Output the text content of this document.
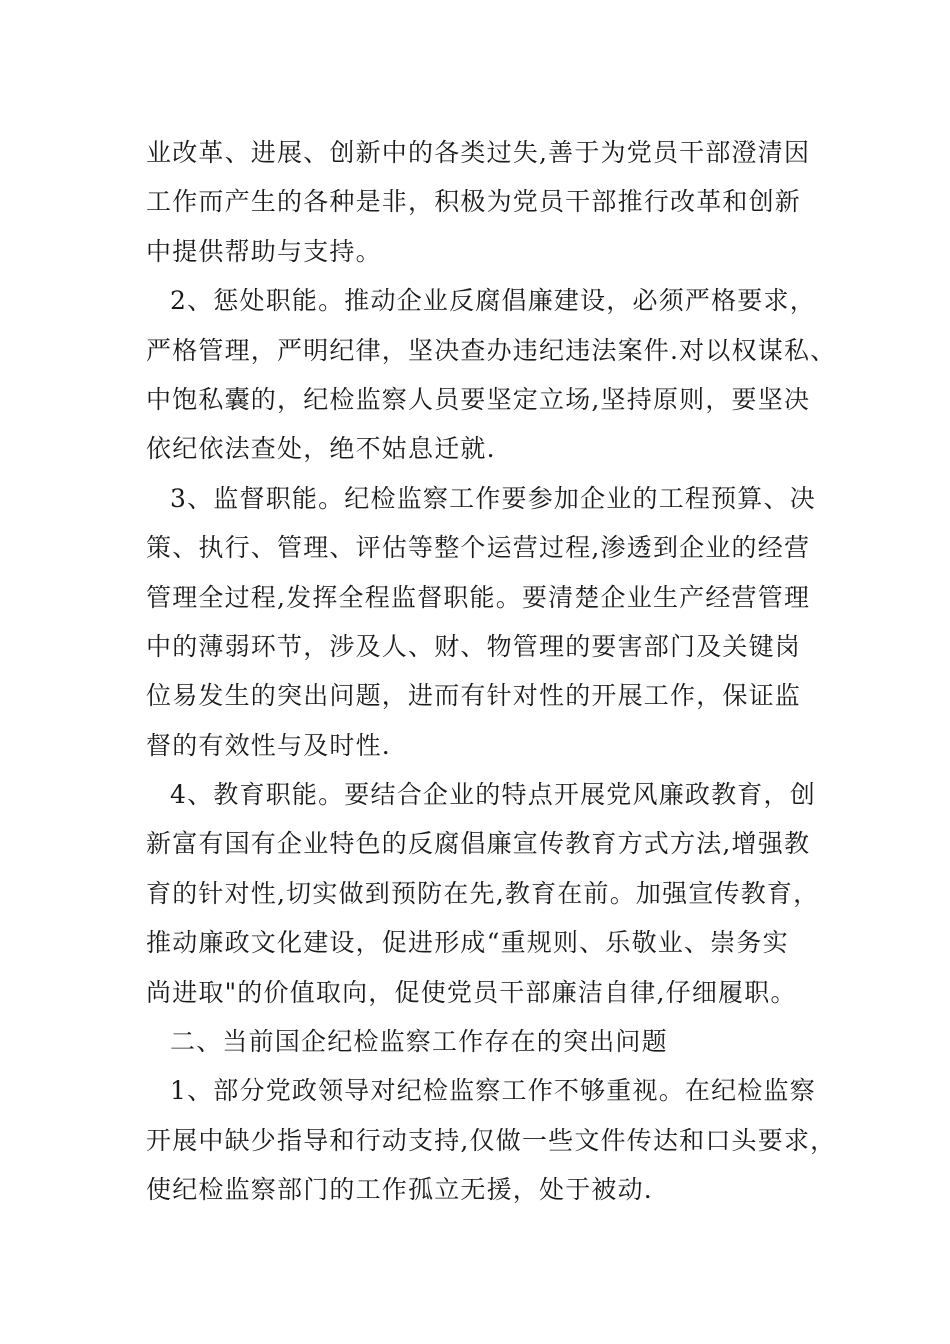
业改革、进展、创新中的各类过失,善于为党员干部澄清因
工作而产生的各种是非，积极为党员干部推行改革和创新
中提供帮助与支持。
2、惩处职能。推动企业反腐倡廉建设，必须严格要求，
严格管理，严明纪律，坚决查办违纪违法案件.对以权谋私、
中饱私囊的，纪检监察人员要坚定立场,坚持原则，要坚决
依纪依法查处，绝不姑息迁就.
3、监督职能。纪检监察工作要参加企业的工程预算、决
策、执行、管理、评估等整个运营过程,渗透到企业的经营
管理全过程,发挥全程监督职能。要清楚企业生产经营管理
中的薄弱环节，涉及人、财、物管理的要害部门及关键岗
位易发生的突出问题，进而有针对性的开展工作，保证监
督的有效性与及时性.
4、教育职能。要结合企业的特点开展党风廉政教育，创
新富有国有企业特色的反腐倡廉宣传教育方式方法,增强教
育的针对性,切实做到预防在先,教育在前。加强宣传教育，
推动廉政文化建设，促进形成“重规则、乐敬业、崇务实
尚进取"的价值取向，促使党员干部廉洁自律,仔细履职。
二、当前国企纪检监察工作存在的突出问题
1、部分党政领导对纪检监察工作不够重视。在纪检监察
开展中缺少指导和行动支持,仅做一些文件传达和口头要求，
使纪检监察部门的工作孤立无援，处于被动.
